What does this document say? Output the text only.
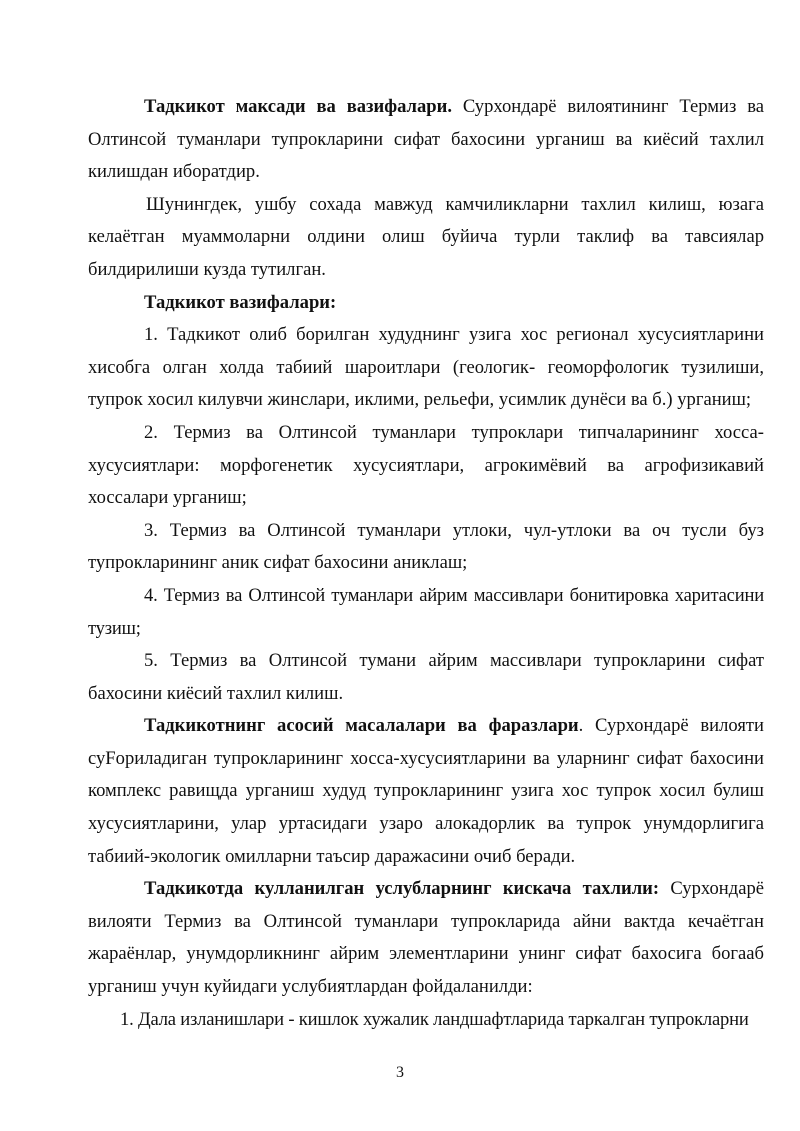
Тадкикот максади ва вазифалари. Сурхондарё вилоятининг Термиз ва Олтинсой туманлари тупрокларини сифат бахосини урганиш ва киёсий тахлил килишдан иборатдир.

Шунингдек, ушбу сохада мавжуд камчиликларни тахлил килиш, юзага келаётган муаммоларни олдини олиш буйича турли таклиф ва тавсиялар билдирилиши кузда тутилган.

Тадкикот вазифалари:

1. Тадкикот олиб борилган худуднинг узига хос регионал хусусиятларини хисобга олган холда табиий шароитлари (геологик- геоморфологик тузилиши, тупрок хосил килувчи жинслари, иклими, рельефи, усимлик дунёси ва б.) урганиш;

2. Термиз ва Олтинсой туманлари тупроклари типчаларининг хосса-хусусиятлари: морфогенетик хусусиятлари, агрокимёвий ва агрофизикавий хоссалари урганиш;

3. Термиз ва Олтинсой туманлари утлоки, чул-утлоки ва оч тусли буз тупрокларининг аник сифат бахосини аниклаш;

4. Термиз ва Олтинсой туманлари айрим массивлари бонитировка харитасини тузиш;

5. Термиз ва Олтинсой тумани айрим массивлари тупрокларини сифат бахосини киёсий тахлил килиш.

Тадкикотнинг асосий масалалари ва фаразлари. Сурхондарё вилояти суFориладиган тупрокларининг хосса-хусусиятларини ва уларнинг сифат бахосини комплекс равищда урганиш худуд тупрокларининг узига хос тупрок хосил булиш хусусиятларини, улар уртасидаги узаро алокадорлик ва тупрок унумдорлигига табиий-экологик омилларни таъсир даражасини очиб беради.

Тадкикотда кулланилган услубларнинг кискача тахлили: Сурхондарё вилояти Термиз ва Олтинсой туманлари тупрокларида айни вактда кечаётган жараёнлар, унумдорликнинг айрим элементларини унинг сифат бахосига богааб урганиш учун куйидаги услубиятлардан фойдаланилди:

1. Дала изланишлари - кишлок хужалик ландшафтларида таркалган тупрокларни

3
